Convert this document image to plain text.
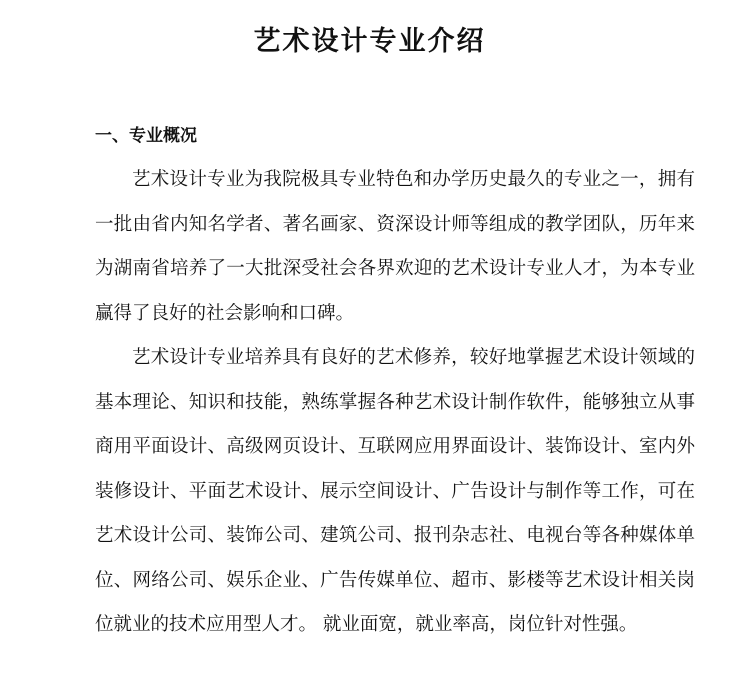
艺术设计专业介绍
一、专业概况

艺术设计专业为我院极具专业特色和办学历史最久的专业之一，拥有一批由省内知名学者、著名画家、资深设计师等组成的教学团队，历年来为湖南省培养了一大批深受社会各界欢迎的艺术设计专业人才，为本专业赢得了良好的社会影响和口碑。

艺术设计专业培养具有良好的艺术修养，较好地掌握艺术设计领域的基本理论、知识和技能，熟练掌握各种艺术设计制作软件，能够独立从事商用平面设计、高级网页设计、互联网应用界面设计、装饰设计、室内外装修设计、平面艺术设计、展示空间设计、广告设计与制作等工作，可在艺术设计公司、装饰公司、建筑公司、报刊杂志社、电视台等各种媒体单位、网络公司、娱乐企业、广告传媒单位、超市、影楼等艺术设计相关岗位就业的技术应用型人才。 就业面宽，就业率高，岗位针对性强。
